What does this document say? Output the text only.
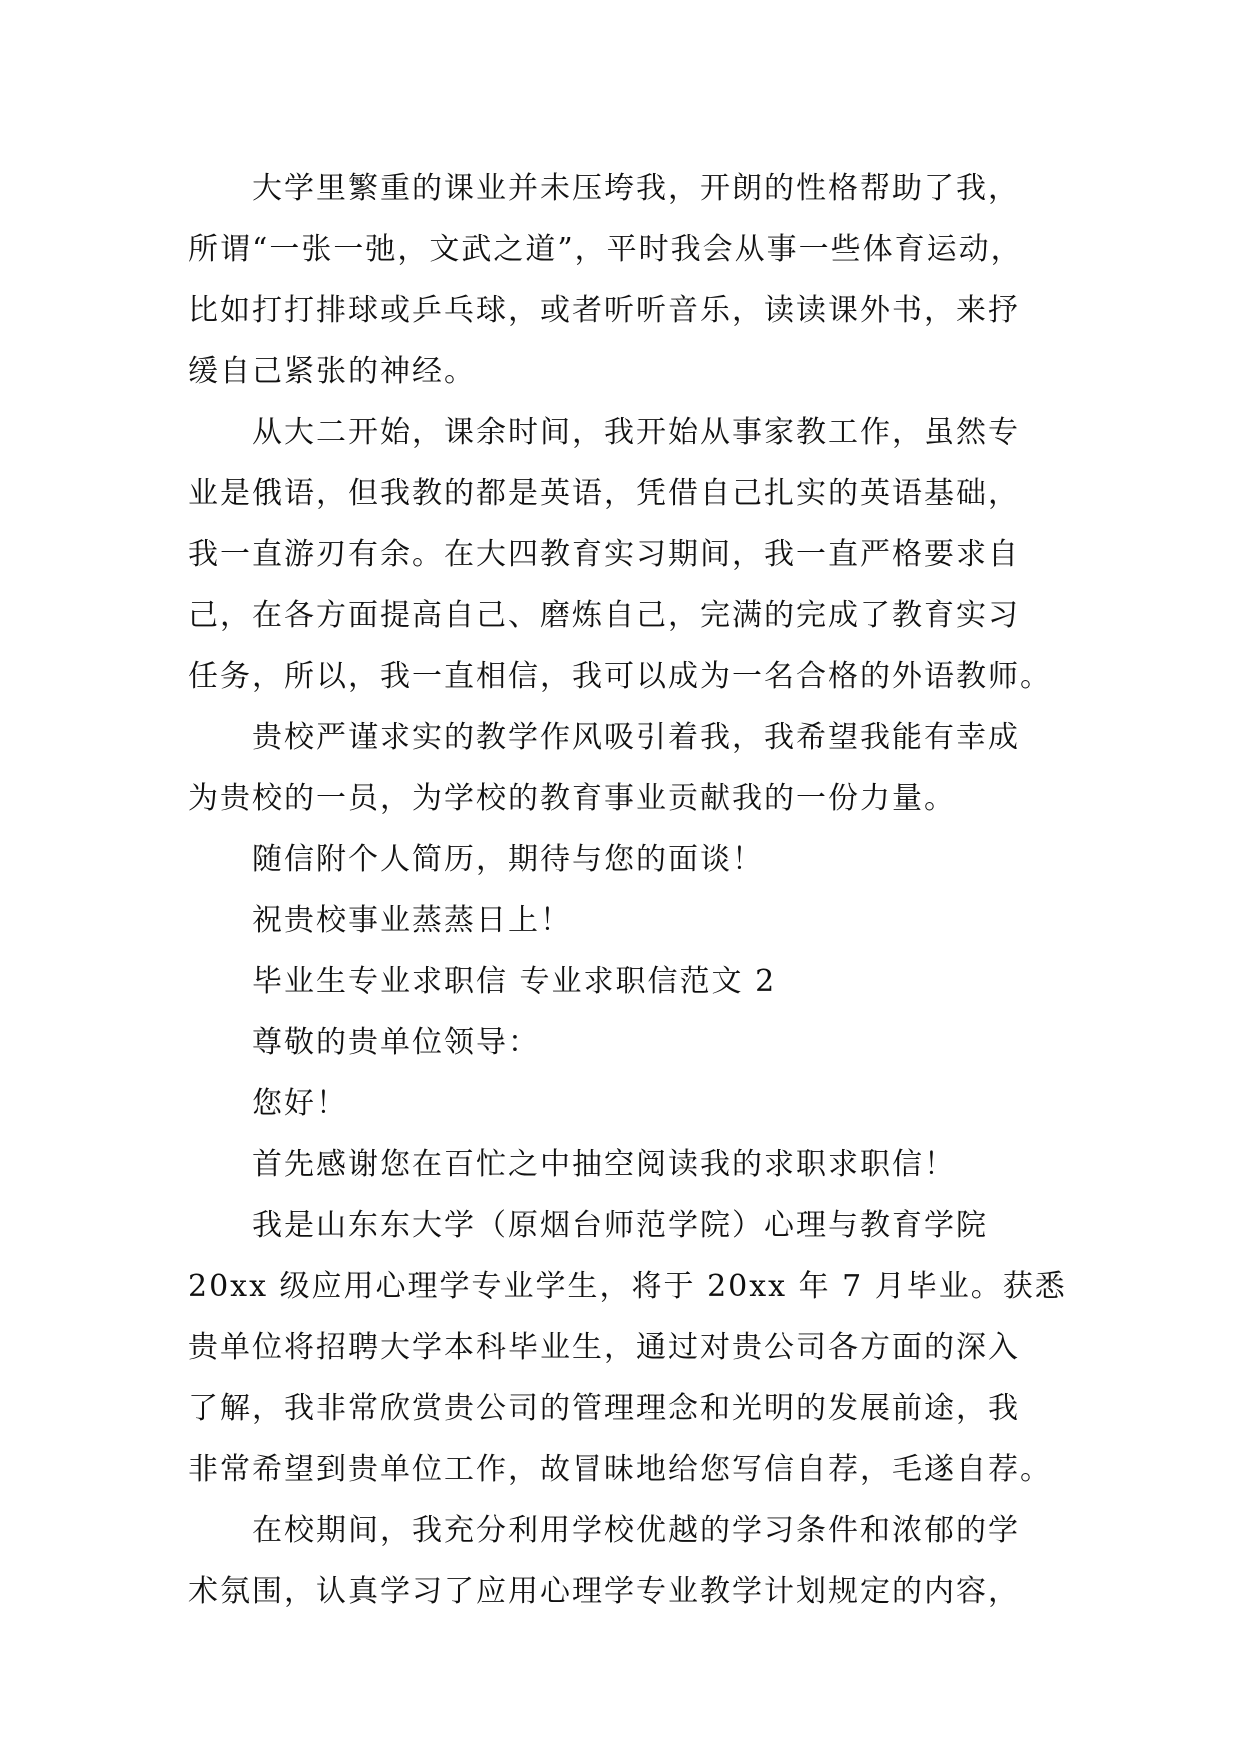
大学里繁重的课业并未压垮我，开朗的性格帮助了我，
所谓“一张一弛，文武之道”，平时我会从事一些体育运动，
比如打打排球或乒乓球，或者听听音乐，读读课外书，来抒
缓自己紧张的神经。
从大二开始，课余时间，我开始从事家教工作，虽然专
业是俄语，但我教的都是英语，凭借自己扎实的英语基础，
我一直游刃有余。在大四教育实习期间，我一直严格要求自
己，在各方面提高自己、磨炼自己，完满的完成了教育实习
任务，所以，我一直相信，我可以成为一名合格的外语教师。
贵校严谨求实的教学作风吸引着我，我希望我能有幸成
为贵校的一员，为学校的教育事业贡献我的一份力量。
随信附个人简历，期待与您的面谈！
祝贵校事业蒸蒸日上！
毕业生专业求职信 专业求职信范文 2
尊敬的贵单位领导：
您好！
首先感谢您在百忙之中抽空阅读我的求职求职信！
我是山东东大学（原烟台师范学院）心理与教育学院
20xx 级应用心理学专业学生，将于 20xx 年 7 月毕业。获悉
贵单位将招聘大学本科毕业生，通过对贵公司各方面的深入
了解，我非常欣赏贵公司的管理理念和光明的发展前途，我
非常希望到贵单位工作，故冒昧地给您写信自荐，毛遂自荐。
在校期间，我充分利用学校优越的学习条件和浓郁的学
术氛围，认真学习了应用心理学专业教学计划规定的内容，
